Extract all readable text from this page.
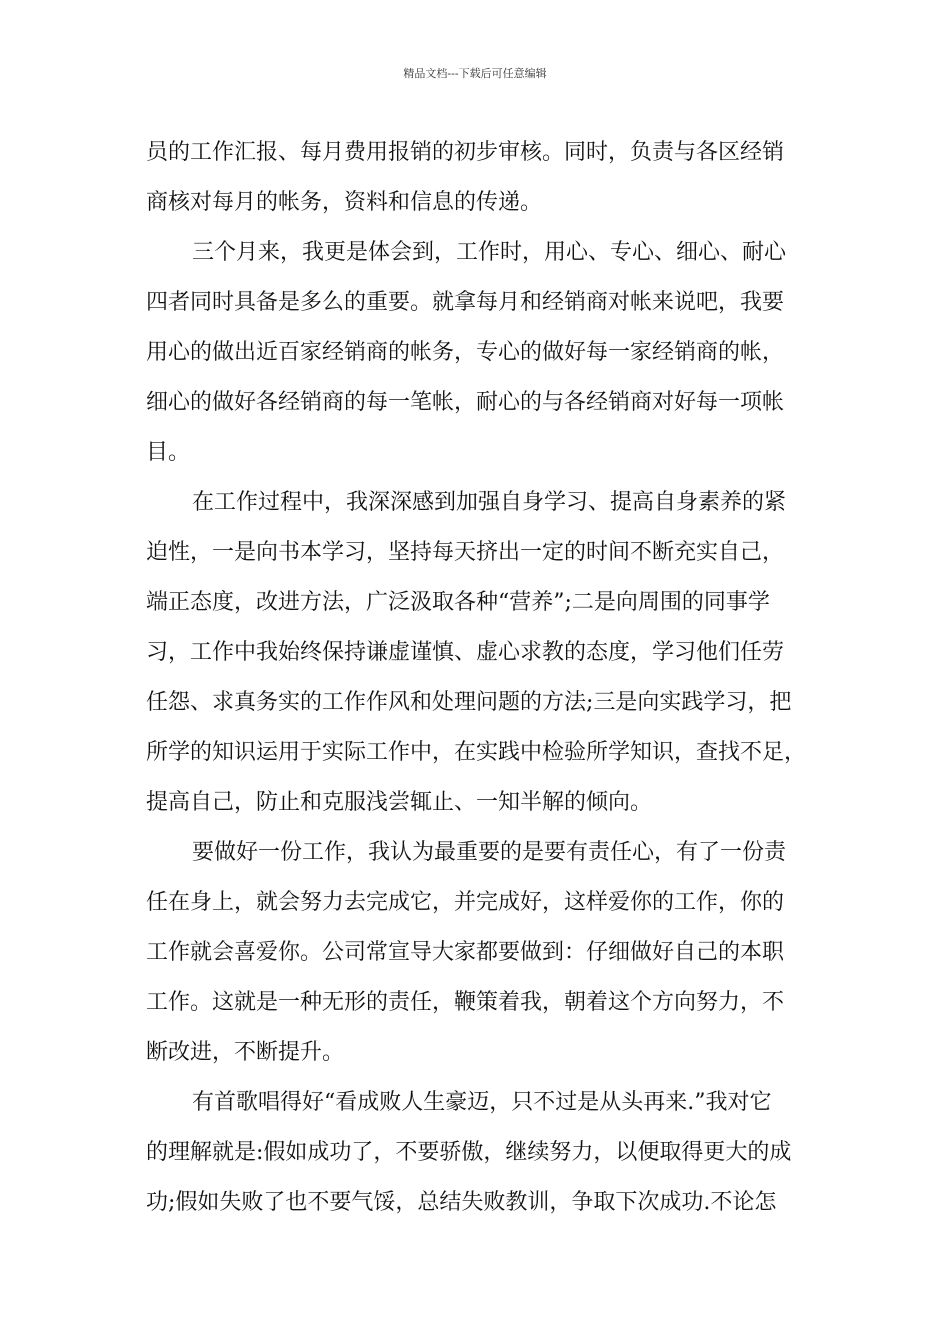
精品文档---下载后可任意编辑
员的工作汇报、每月费用报销的初步审核。同时，负责与各区经销
商核对每月的帐务，资料和信息的传递。
三个月来，我更是体会到，工作时，用心、专心、细心、耐心
四者同时具备是多么的重要。就拿每月和经销商对帐来说吧，我要
用心的做出近百家经销商的帐务，专心的做好每一家经销商的帐，
细心的做好各经销商的每一笔帐，耐心的与各经销商对好每一项帐
目。
在工作过程中，我深深感到加强自身学习、提高自身素养的紧
迫性，一是向书本学习，坚持每天挤出一定的时间不断充实自己，
端正态度，改进方法，广泛汲取各种“营养”;二是向周围的同事学
习，工作中我始终保持谦虚谨慎、虚心求教的态度，学习他们任劳
任怨、求真务实的工作作风和处理问题的方法;三是向实践学习，把
所学的知识运用于实际工作中，在实践中检验所学知识，查找不足，
提高自己，防止和克服浅尝辄止、一知半解的倾向。
要做好一份工作，我认为最重要的是要有责任心，有了一份责
任在身上，就会努力去完成它，并完成好，这样爱你的工作，你的
工作就会喜爱你。公司常宣导大家都要做到：仔细做好自己的本职
工作。这就是一种无形的责任，鞭策着我，朝着这个方向努力，不
断改进，不断提升。
有首歌唱得好“看成败人生豪迈，只不过是从头再来.”我对它
的理解就是:假如成功了，不要骄傲，继续努力，以便取得更大的成
功;假如失败了也不要气馁，总结失败教训，争取下次成功.不论怎
